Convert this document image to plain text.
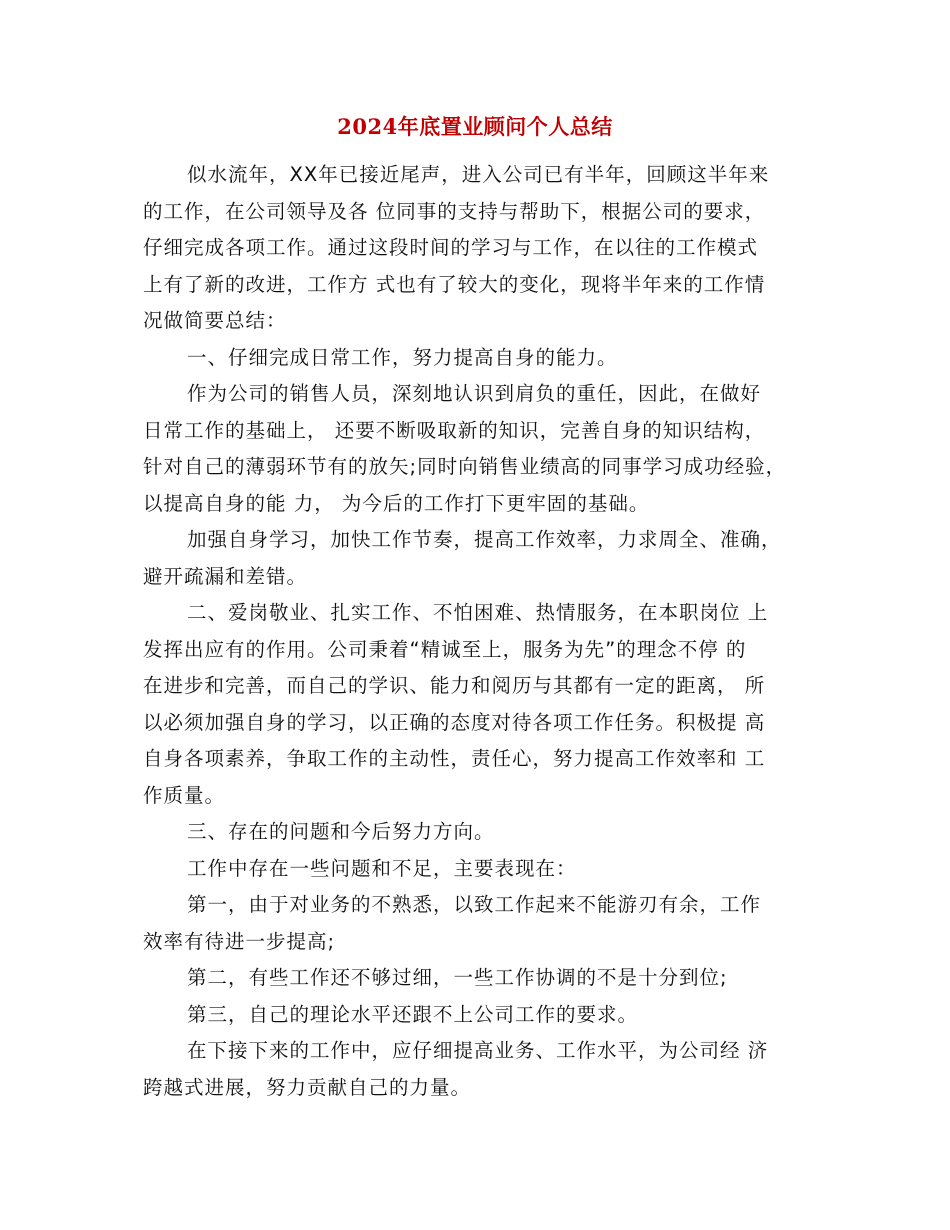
2024年底置业顾问个人总结
似水流年，XX年已接近尾声，进入公司已有半年，回顾这半年来
的工作，在公司领导及各 位同事的支持与帮助下，根据公司的要求，
仔细完成各项工作。通过这段时间的学习与工作，在以往的工作模式
上有了新的改进，工作方 式也有了较大的变化，现将半年来的工作情
况做简要总结：
一、仔细完成日常工作，努力提高自身的能力。
作为公司的销售人员，深刻地认识到肩负的重任，因此，在做好
日常工作的基础上， 还要不断吸取新的知识，完善自身的知识结构，
针对自己的薄弱环节有的放矢;同时向销售业绩高的同事学习成功经验，
以提高自身的能 力， 为今后的工作打下更牢固的基础。
加强自身学习，加快工作节奏，提高工作效率，力求周全、准确，
避开疏漏和差错。
二、爱岗敬业、扎实工作、不怕困难、热情服务，在本职岗位 上
发挥出应有的作用。公司秉着“精诚至上，服务为先”的理念不停 的
在进步和完善，而自己的学识、能力和阅历与其都有一定的距离， 所
以必须加强自身的学习，以正确的态度对待各项工作任务。积极提 高
自身各项素养，争取工作的主动性，责任心，努力提高工作效率和 工
作质量。
三、存在的问题和今后努力方向。
工作中存在一些问题和不足，主要表现在：
第一，由于对业务的不熟悉，以致工作起来不能游刃有余，工作
效率有待进一步提高;
第二，有些工作还不够过细，一些工作协调的不是十分到位;
第三，自己的理论水平还跟不上公司工作的要求。
在下接下来的工作中，应仔细提高业务、工作水平，为公司经 济
跨越式进展，努力贡献自己的力量。
